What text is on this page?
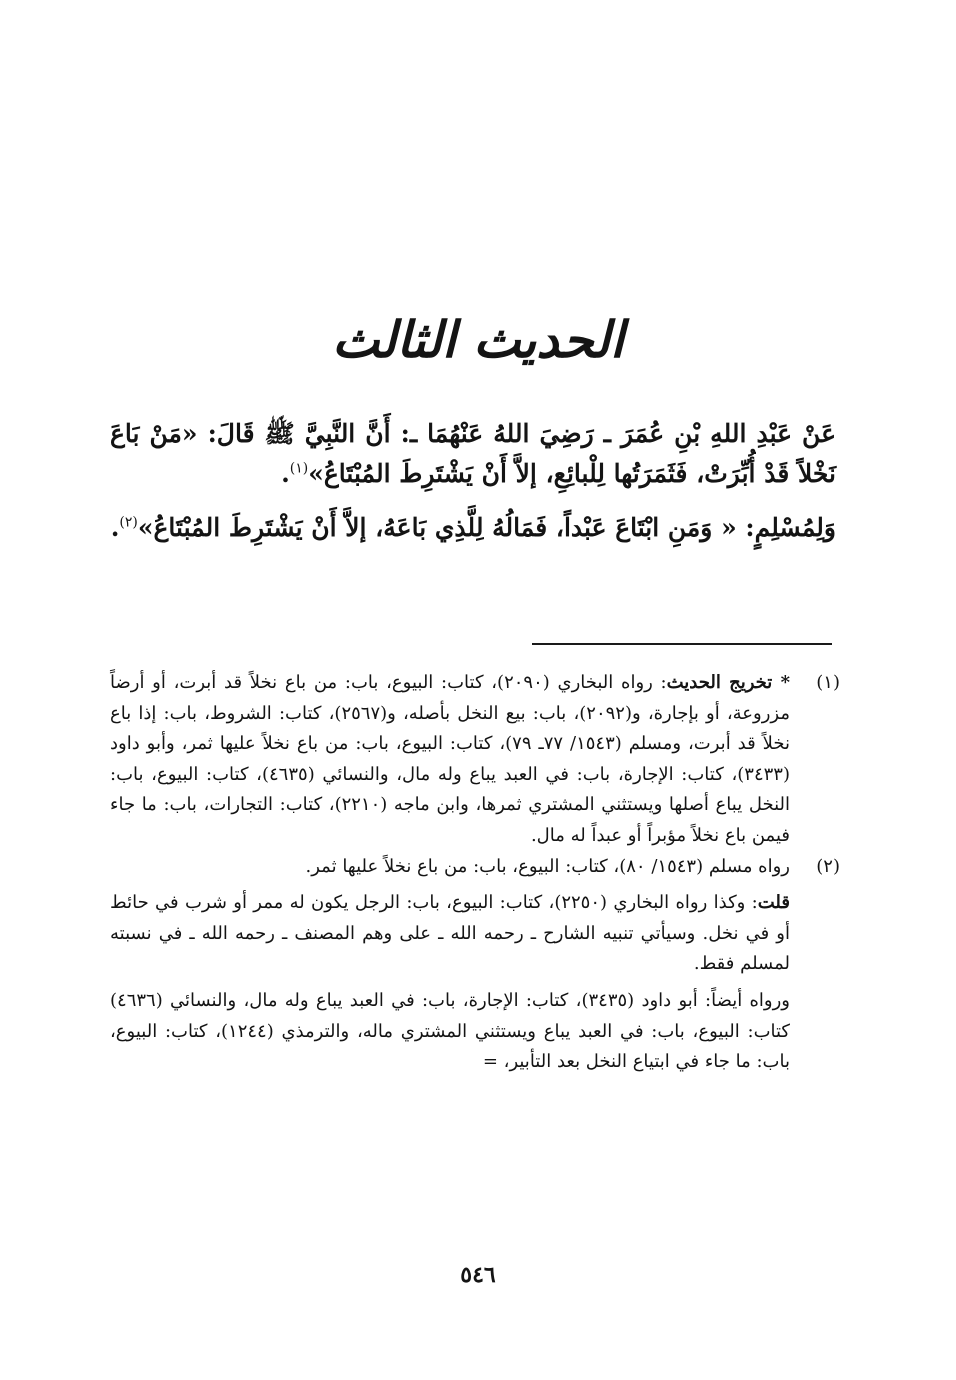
الحديث الثالث

عَنْ عَبْدِ اللهِ بْنِ عُمَرَ ـ رَضِيَ اللهُ عَنْهُمَا ـ: أَنَّ النَّبِيَّ ﷺ قَالَ: «مَنْ بَاعَ نَخْلاً قَدْ أُبِّرَتْ، فَثَمَرَتُها لِلْبائِعِ، إلاَّ أَنْ يَشْتَرِطَ المُبْتَاعُ»$^{(١)}$.

وَلِمُسْلِمٍ: « وَمَنِ ابْتَاعَ عَبْداً، فَمَالُهُ لِلَّذِي بَاعَهُ، إلاَّ أَنْ يَشْتَرِطَ المُبْتَاعُ»$^{(٢)}$.

(١)
* تخريج الحديث: رواه البخاري (٢٠٩٠)، كتاب: البيوع، باب: من باع نخلاً قد أبرت، أو أرضاً مزروعة، أو بإجارة، و(٢٠٩٢)، باب: بيع النخل بأصله، و(٢٥٦٧)، كتاب: الشروط، باب: إذا باع نخلاً قد أبرت، ومسلم (١٥٤٣/ ٧٧ـ ٧٩)، كتاب: البيوع، باب: من باع نخلاً عليها ثمر، وأبو داود (٣٤٣٣)، كتاب: الإجارة، باب: في العبد يباع وله مال، والنسائي (٤٦٣٥)، كتاب: البيوع، باب: النخل يباع أصلها ويستثني المشتري ثمرها، وابن ماجه (٢٢١٠)، كتاب: التجارات، باب: ما جاء فيمن باع نخلاً مؤبراً أو عبداً له مال.
(٢)
رواه مسلم (١٥٤٣/ ٨٠)، كتاب: البيوع، باب: من باع نخلاً عليها ثمر.
قلت: وكذا رواه البخاري (٢٢٥٠)، كتاب: البيوع، باب: الرجل يكون له ممر أو شرب في حائط أو في نخل. وسيأتي تنبيه الشارح ـ رحمه الله ـ على وهم المصنف ـ رحمه الله ـ في نسبته لمسلم فقط.
ورواه أيضاً: أبو داود (٣٤٣٥)، كتاب: الإجارة، باب: في العبد يباع وله مال، والنسائي (٤٦٣٦) كتاب: البيوع، باب: في العبد يباع ويستثني المشتري ماله، والترمذي (١٢٤٤)، كتاب: البيوع، باب: ما جاء في ابتياع النخل بعد التأبير، =
٥٤٦
